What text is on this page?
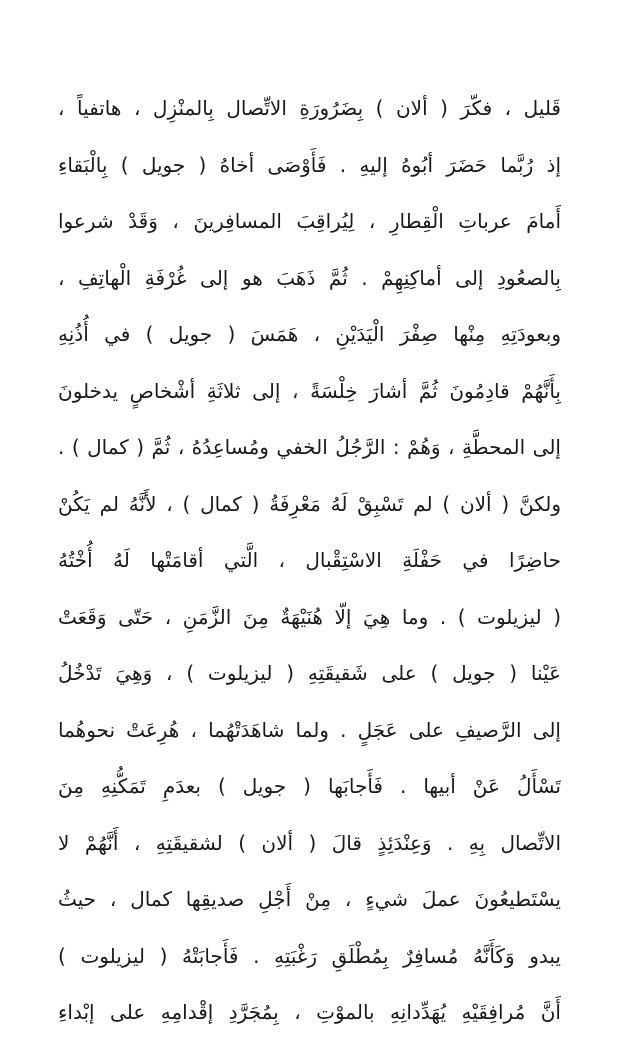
قَليل ، فكّرَ ( ألان ) بِضَرُورَةِ الاتِّصال بِالمنْزِل ، هاتفياً ،
إذ رُبَّما حَضَرَ أبُوهُ إليهِ . فَأَوْصَى أخاهُ ( جويل ) بِالْبَقاءِ
أَمامَ عرباتِ الْقِطارِ ، لِيُراقِبَ المسافِرينَ ، وَقَدْ شرعوا
بِالصعُودِ إلى أماكِنِهِمْ . ثُمَّ ذَهَبَ هو إلى غُرْفَةِ الْهاتِفِ ،
وبعودَتِهِ مِنْها صِفْرَ الْيَدَيْنِ ، هَمَسَ ( جويل ) في أُذُنِهِ
بِأَنَّهُمْ قادِمُونَ ثُمَّ أشارَ خِلْسَةً ، إلى ثلاثَةِ أشْخاصٍ يدخلونَ
إلى المحطَّةِ ، وَهُمْ : الرَّجُلُ الخفي ومُساعِدُهُ ، ثُمَّ ( كمال ) .
ولكنَّ ( ألان ) لم تَسْبِقْ لَهُ مَعْرِفَةُ ( كمال ) ، لأَنَّهُ لم يَكُنْ
حاضِرًا في حَفْلَةِ الاسْتِقْبال ، الَّتي أقامَتْها لَهُ أُخْتُهُ
( ليزيلوت ) . وما هِيَ إلّا هُنَيْهَةٌ مِنَ الزَّمَنِ ، حَتّى وَقَعَتْ
عَيْنا ( جويل ) على شَقيقَتِهِ ( ليزيلوت ) ، وَهِيَ تَدْخُلُ
إلى الرَّصيفِ على عَجَلٍ . ولما شاهَدَتْهُما ، هُرِعَتْ نحوهُما
تَسْأَلُ عَنْ أبيها . فَأَجابَها ( جويل ) بعدَمِ تَمَكُّنِهِ مِنَ
الاتِّصال بِهِ . وَعِنْدَئِذٍ قالَ ( ألان ) لشقيقَتِهِ ، أَنَّهُمْ لا
يسْتَطيعُونَ عملَ شيءٍ ، مِنْ أَجْلِ صديقِها كمال ، حيثُ
يبدو وَكَأَنَّهُ مُسافِرٌ بِمُطْلَقِ رَغْبَتِهِ . فَأَجابَتْهُ ( ليزيلوت )
أَنَّ مُرافِقَيْهِ يُهَدِّدانِهِ بالموْتِ ، بِمُجَرَّدِ إقْدامِهِ على إبْداءِ
